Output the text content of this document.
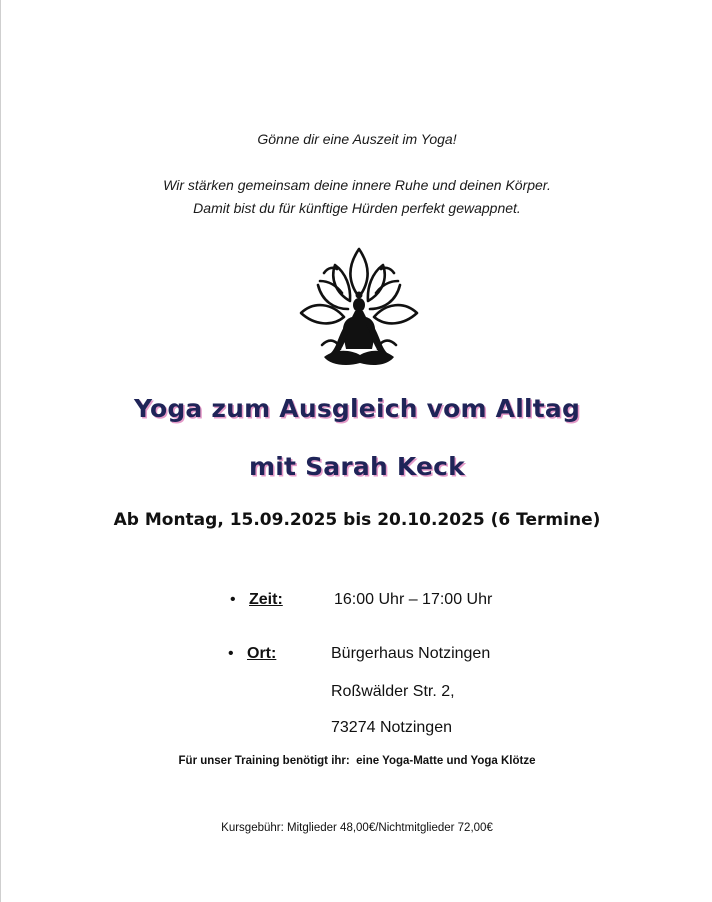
Gönne dir eine Auszeit im Yoga!
Wir stärken gemeinsam deine innere Ruhe und deinen Körper.
Damit bist du für künftige Hürden perfekt gewappnet.
Yoga zum Ausgleich vom Alltag
mit Sarah Keck
Ab Montag, 15.09.2025 bis 20.10.2025 (6 Termine)
• Zeit:	16:00 Uhr – 17:00 Uhr
• Ort:	Bürgerhaus Notzingen
Roßwälder Str. 2,
73274 Notzingen
Für unser Training benötigt ihr:  eine Yoga-Matte und Yoga Klötze
Kursgebühr: Mitglieder 48,00€/Nichtmitglieder 72,00€
